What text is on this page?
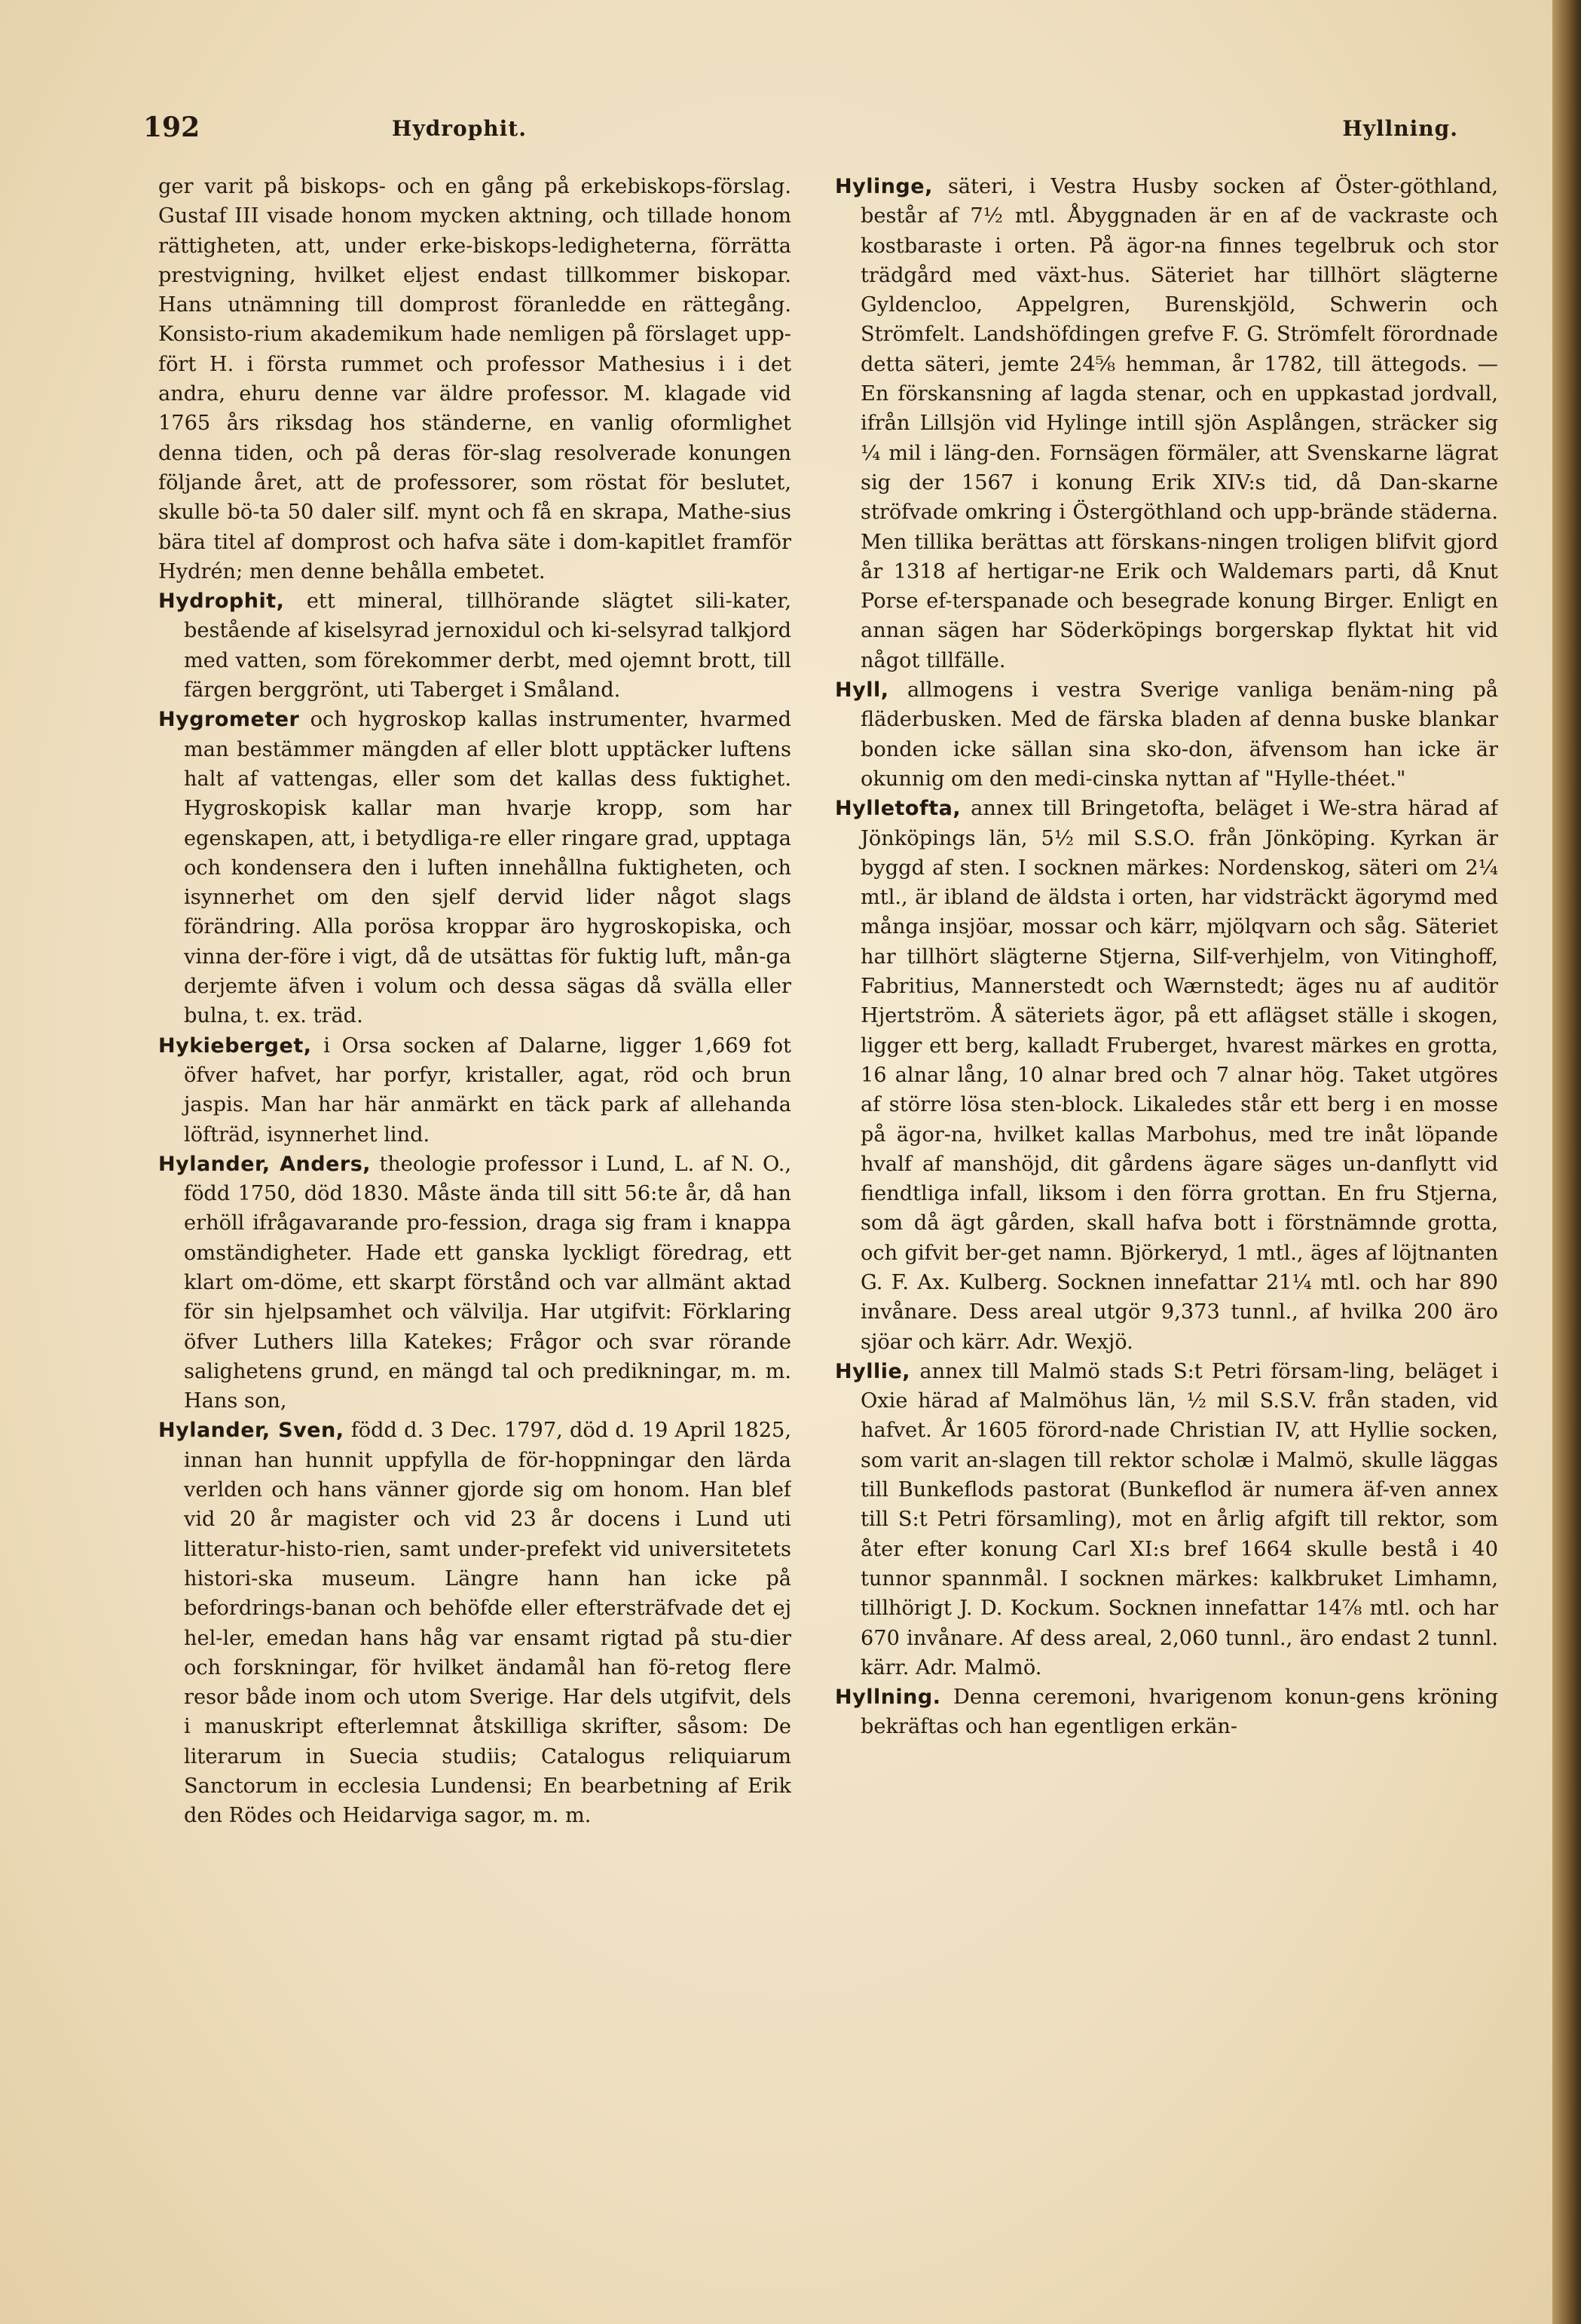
192	Hydrophit.	Hyllning.

ger varit på biskops- och en gång på erkebiskops-förslag. Gustaf III visade honom mycken aktning, och tillade honom rättigheten, att, under erke-biskops-ledigheterna, förrätta prestvigning, hvilket eljest endast tillkommer biskopar. Hans utnämning till domprost föranledde en rättegång. Konsisto-rium akademikum hade nemligen på förslaget upp-fört H. i första rummet och professor Mathesius i i det andra, ehuru denne var äldre professor. M. klagade vid 1765 års riksdag hos ständerne, en vanlig oformlighet denna tiden, och på deras för-slag resolverade konungen följande året, att de professorer, som röstat för beslutet, skulle bö-ta 50 daler silf. mynt och få en skrapa, Mathe-sius bära titel af domprost och hafva säte i dom-kapitlet framför Hydrén; men denne behålla embetet.

Hydrophit, ett mineral, tillhörande slägtet sili-kater, bestående af kiselsyrad jernoxidul och ki-selsyrad talkjord med vatten, som förekommer derbt, med ojemnt brott, till färgen berggrönt, uti Taberget i Småland.

Hygrometer och hygroskop kallas instrumenter, hvarmed man bestämmer mängden af eller blott upptäcker luftens halt af vattengas, eller som det kallas dess fuktighet. Hygroskopisk kallar man hvarje kropp, som har egenskapen, att, i betydliga-re eller ringare grad, upptaga och kondensera den i luften innehållna fuktigheten, och isynnerhet om den sjelf dervid lider något slags förändring. Alla porösa kroppar äro hygroskopiska, och vinna der-före i vigt, då de utsättas för fuktig luft, mån-ga derjemte äfven i volum och dessa sägas då svälla eller bulna, t. ex. träd.

Hykieberget, i Orsa socken af Dalarne, ligger 1,669 fot öfver hafvet, har porfyr, kristaller, agat, röd och brun jaspis. Man har här anmärkt en täck park af allehanda löfträd, isynnerhet lind.

Hylander, Anders, theologie professor i Lund, L. af N. O., född 1750, död 1830. Måste ända till sitt 56:te år, då han erhöll ifrågavarande pro-fession, draga sig fram i knappa omständigheter. Hade ett ganska lyckligt föredrag, ett klart om-döme, ett skarpt förstånd och var allmänt aktad för sin hjelpsamhet och välvilja. Har utgifvit: Förklaring öfver Luthers lilla Katekes; Frågor och svar rörande salighetens grund, en mängd tal och predikningar, m. m. Hans son,

Hylander, Sven, född d. 3 Dec. 1797, död d. 19 April 1825, innan han hunnit uppfylla de för-hoppningar den lärda verlden och hans vänner gjorde sig om honom. Han blef vid 20 år magister och vid 23 år docens i Lund uti litteratur-histo-rien, samt under-prefekt vid universitetets histori-ska museum. Längre hann han icke på befordrings-banan och behöfde eller eftersträfvade det ej hel-ler, emedan hans håg var ensamt rigtad på stu-dier och forskningar, för hvilket ändamål han fö-retog flere resor både inom och utom Sverige. Har dels utgifvit, dels i manuskript efterlemnat åtskilliga skrifter, såsom: De literarum in Suecia studiis; Catalogus reliquiarum Sanctorum in ecclesia Lundensi; En bearbetning af Erik den Rödes och Heidarviga sagor, m. m.

Hylinge, säteri, i Vestra Husby socken af Öster-göthland, består af 7½ mtl. Åbyggnaden är en af de vackraste och kostbaraste i orten. På ägor-na finnes tegelbruk och stor trädgård med växt-hus. Säteriet har tillhört slägterne Gyldencloo, Appelgren, Burenskjöld, Schwerin och Strömfelt. Landshöfdingen grefve F. G. Strömfelt förordnade detta säteri, jemte 24⅝ hemman, år 1782, till ättegods. — En förskansning af lagda stenar, och en uppkastad jordvall, ifrån Lillsjön vid Hylinge intill sjön Asplången, sträcker sig ¼ mil i läng-den. Fornsägen förmäler, att Svenskarne lägrat sig der 1567 i konung Erik XIV:s tid, då Dan-skarne ströfvade omkring i Östergöthland och upp-brände städerna. Men tillika berättas att förskans-ningen troligen blifvit gjord år 1318 af hertigar-ne Erik och Waldemars parti, då Knut Porse ef-terspanade och besegrade konung Birger. Enligt en annan sägen har Söderköpings borgerskap flyktat hit vid något tillfälle.

Hyll, allmogens i vestra Sverige vanliga benäm-ning på fläderbusken. Med de färska bladen af denna buske blankar bonden icke sällan sina sko-don, äfvensom han icke är okunnig om den medi-cinska nyttan af "Hylle-théet."

Hylletofta, annex till Bringetofta, beläget i We-stra härad af Jönköpings län, 5½ mil S.S.O. från Jönköping. Kyrkan är byggd af sten. I socknen märkes: Nordenskog, säteri om 2¼ mtl., är ibland de äldsta i orten, har vidsträckt ägorymd med många insjöar, mossar och kärr, mjölqvarn och såg. Säteriet har tillhört slägterne Stjerna, Silf-verhjelm, von Vitinghoff, Fabritius, Mannerstedt och Wærnstedt; äges nu af auditör Hjertström. Å säteriets ägor, på ett aflägset ställe i skogen, ligger ett berg, kalladt Fruberget, hvarest märkes en grotta, 16 alnar lång, 10 alnar bred och 7 alnar hög. Taket utgöres af större lösa sten-block. Likaledes står ett berg i en mosse på ägor-na, hvilket kallas Marbohus, med tre inåt löpande hvalf af manshöjd, dit gårdens ägare säges un-danflytt vid fiendtliga infall, liksom i den förra grottan. En fru Stjerna, som då ägt gården, skall hafva bott i förstnämnde grotta, och gifvit ber-get namn. Björkeryd, 1 mtl., äges af löjtnanten G. F. Ax. Kulberg. Socknen innefattar 21¼ mtl. och har 890 invånare. Dess areal utgör 9,373 tunnl., af hvilka 200 äro sjöar och kärr. Adr. Wexjö.

Hyllie, annex till Malmö stads S:t Petri försam-ling, beläget i Oxie härad af Malmöhus län, ½ mil S.S.V. från staden, vid hafvet. År 1605 förord-nade Christian IV, att Hyllie socken, som varit an-slagen till rektor scholæ i Malmö, skulle läggas till Bunkeflods pastorat (Bunkeflod är numera äf-ven annex till S:t Petri församling), mot en årlig afgift till rektor, som åter efter konung Carl XI:s bref 1664 skulle bestå i 40 tunnor spannmål. I socknen märkes: kalkbruket Limhamn, tillhörigt J. D. Kockum. Socknen innefattar 14⅞ mtl. och har 670 invånare. Af dess areal, 2,060 tunnl., äro endast 2 tunnl. kärr. Adr. Malmö.

Hyllning. Denna ceremoni, hvarigenom konun-gens kröning bekräftas och han egentligen erkän-
